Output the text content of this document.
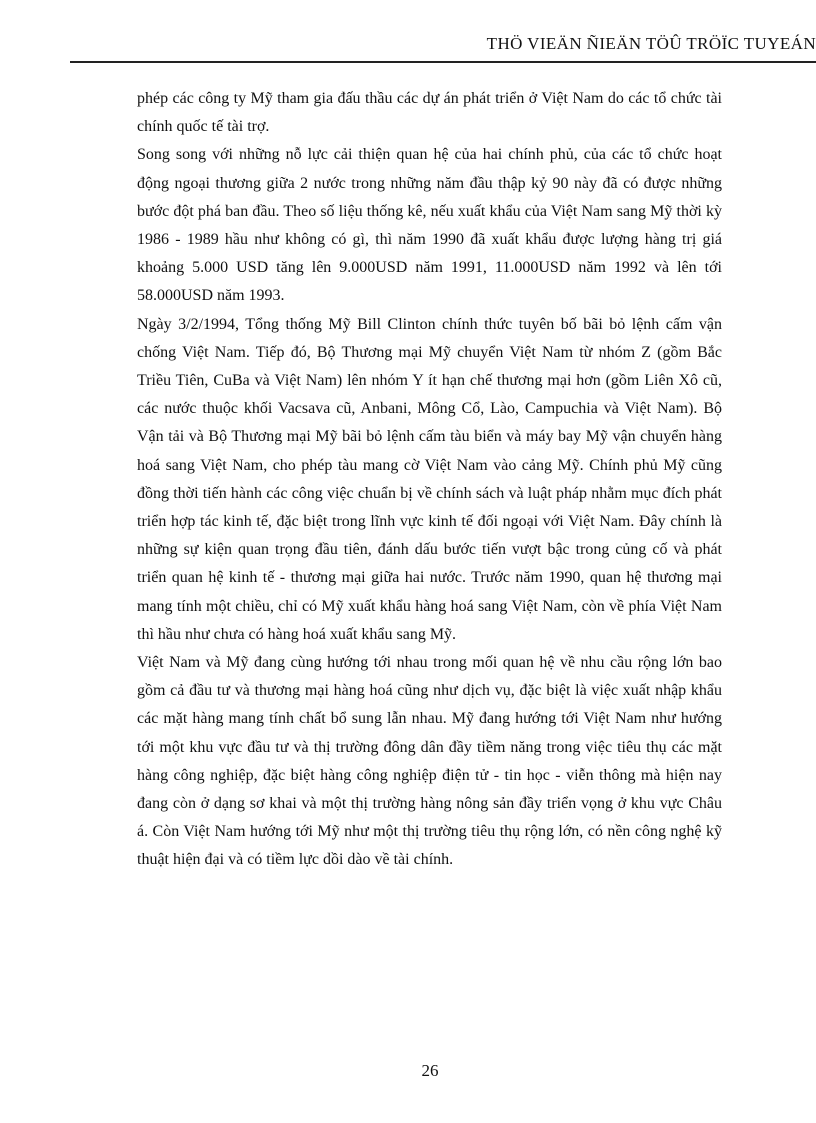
THÖ VIEÄN ÑIEÄN TÖÛ TRÖÏC TUYEÁN

phép các công ty Mỹ tham gia đấu thầu các dự án phát triển ở Việt Nam do các tổ chức tài chính quốc tế tài trợ.

Song song với những nỗ lực cải thiện quan hệ của hai chính phủ, của các tổ chức hoạt động ngoại thương giữa 2 nước trong những năm đầu thập kỷ 90 này đã có được những bước đột phá ban đầu. Theo số liệu thống kê, nếu xuất khẩu của Việt Nam sang Mỹ thời kỳ 1986 - 1989 hầu như không có gì, thì năm 1990 đã xuất khẩu được lượng hàng trị giá khoảng 5.000 USD tăng lên 9.000USD năm 1991, 11.000USD năm 1992 và lên tới 58.000USD năm 1993.

Ngày 3/2/1994, Tổng thống Mỹ Bill Clinton chính thức tuyên bố bãi bỏ lệnh cấm vận chống Việt Nam. Tiếp đó, Bộ Thương mại Mỹ chuyển Việt Nam từ nhóm Z (gồm Bắc Triều Tiên, CuBa và Việt Nam) lên nhóm Y ít hạn chế thương mại hơn (gồm Liên Xô cũ, các nước thuộc khối Vacsava cũ, Anbani, Mông Cổ, Lào, Campuchia và Việt Nam). Bộ Vận tải và Bộ Thương mại Mỹ bãi bỏ lệnh cấm tàu biển và máy bay Mỹ vận chuyển hàng hoá sang Việt Nam, cho phép tàu mang cờ Việt Nam vào cảng Mỹ. Chính phủ Mỹ cũng đồng thời tiến hành các công việc chuẩn bị về chính sách và luật pháp nhằm mục đích phát triển hợp tác kinh tế, đặc biệt trong lĩnh vực kinh tế đối ngoại với Việt Nam. Đây chính là những sự kiện quan trọng đầu tiên, đánh dấu bước tiến vượt bậc trong củng cố và phát triển quan hệ kinh tế - thương mại giữa hai nước. Trước năm 1990, quan hệ thương mại mang tính một chiều, chỉ có Mỹ xuất khẩu hàng hoá sang Việt Nam, còn về phía Việt Nam thì hầu như chưa có hàng hoá xuất khẩu sang Mỹ.

Việt Nam và Mỹ đang cùng hướng tới nhau trong mối quan hệ về nhu cầu rộng lớn bao gồm cả đầu tư và thương mại hàng hoá cũng như dịch vụ, đặc biệt là việc xuất nhập khẩu các mặt hàng mang tính chất bổ sung lẫn nhau. Mỹ đang hướng tới Việt Nam như hướng tới một khu vực đầu tư và thị trường đông dân đầy tiềm năng trong việc tiêu thụ các mặt hàng công nghiệp, đặc biệt hàng công nghiệp điện tử - tin học - viễn thông mà hiện nay đang còn ở dạng sơ khai và một thị trường hàng nông sản đầy triển vọng ở khu vực Châu á. Còn Việt Nam hướng tới Mỹ như một thị trường tiêu thụ rộng lớn, có nền công nghệ kỹ thuật hiện đại và có tiềm lực dồi dào về tài chính.

26
